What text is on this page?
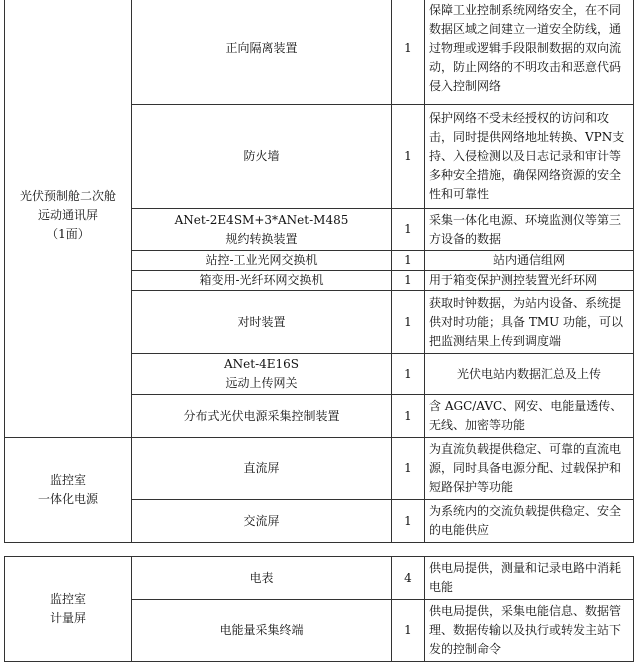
光伏预制舱二次舱
远动通讯屏
（1面）	正向隔离装置	1	保障工业控制系统网络安全，在不同数据区域之间建立一道安全防线，通过物理或逻辑手段限制数据的双向流动，防止网络的不明攻击和恶意代码侵入控制网络
	防火墙	1	保护网络不受未经授权的访问和攻击，同时提供网络地址转换、VPN支持、入侵检测以及日志记录和审计等多种安全措施，确保网络资源的安全性和可靠性

	ANet-2E4SM+3*ANet-M485
规约转换装置	1	采集一体化电源、环境监测仪等第三方设备的数据
	站控-工业光网交换机	1	站内通信组网
	箱变用-光纤环网交换机	1	用于箱变保护测控装置光纤环网
	对时装置	1	获取时钟数据，为站内设备、系统提供对时功能；具备 TMU 功能，可以把监测结果上传到调度端

	ANet-4E16S
远动上传网关	1	光伏电站内数据汇总及上传
	分布式光伏电源采集控制装置	1	含 AGC/AVC、网安、电能量透传、无线、加密等功能

监控室
一体化电源	直流屏	1	为直流负载提供稳定、可靠的直流电源，同时具备电源分配、过载保护和短路保护等功能
	交流屏	1	为系统内的交流负载提供稳定、安全的电能供应
监控室
计量屏	电表	4	供电局提供，测量和记录电路中消耗电能
	电能量采集终端	1	供电局提供，采集电能信息、数据管理、数据传输以及执行或转发主站下发的控制命令
